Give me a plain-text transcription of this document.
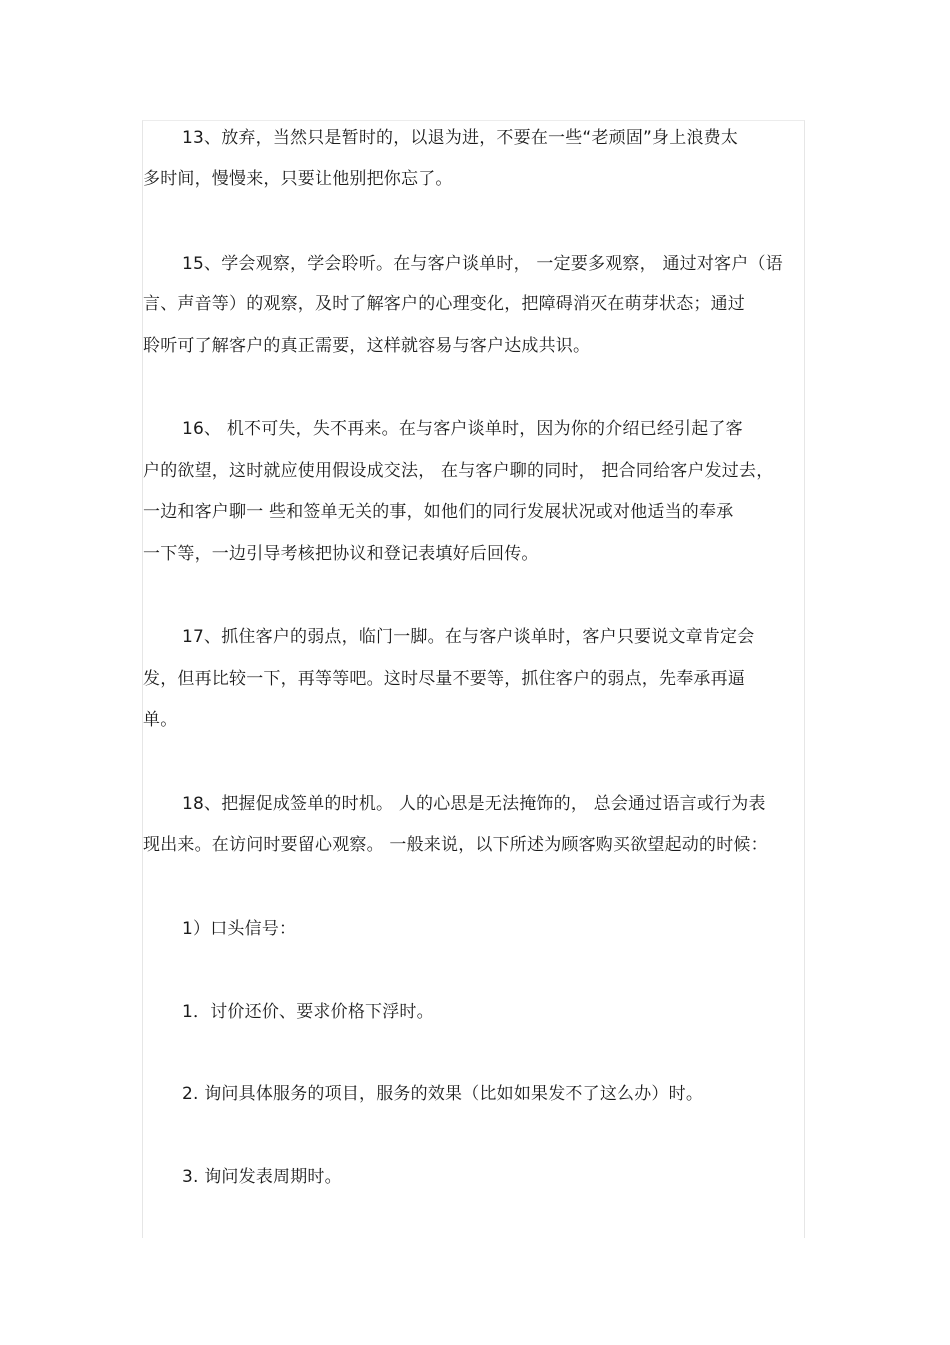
13、放弃，当然只是暂时的，以退为进，不要在一些“老顽固”身上浪费太
多时间，慢慢来，只要让他别把你忘了。
15、学会观察，学会聆听。在与客户谈单时， 一定要多观察， 通过对客户（语
言、声音等）的观察，及时了解客户的心理变化，把障碍消灭在萌芽状态；通过
聆听可了解客户的真正需要，这样就容易与客户达成共识。
16、 机不可失，失不再来。在与客户谈单时，因为你的介绍已经引起了客
户的欲望，这时就应使用假设成交法， 在与客户聊的同时， 把合同给客户发过去，
一边和客户聊一 些和签单无关的事，如他们的同行发展状况或对他适当的奉承
一下等，一边引导考核把协议和登记表填好后回传。
17、抓住客户的弱点，临门一脚。在与客户谈单时，客户只要说文章肯定会
发，但再比较一下，再等等吧。这时尽量不要等，抓住客户的弱点，先奉承再逼
单。
18、把握促成签单的时机。 人的心思是无法掩饰的， 总会通过语言或行为表
现出来。在访问时要留心观察。 一般来说，以下所述为顾客购买欲望起动的时候：
1）口头信号：
1．讨价还价、要求价格下浮时。
2. 询问具体服务的项目，服务的效果（比如如果发不了这么办）时。
3. 询问发表周期时。
